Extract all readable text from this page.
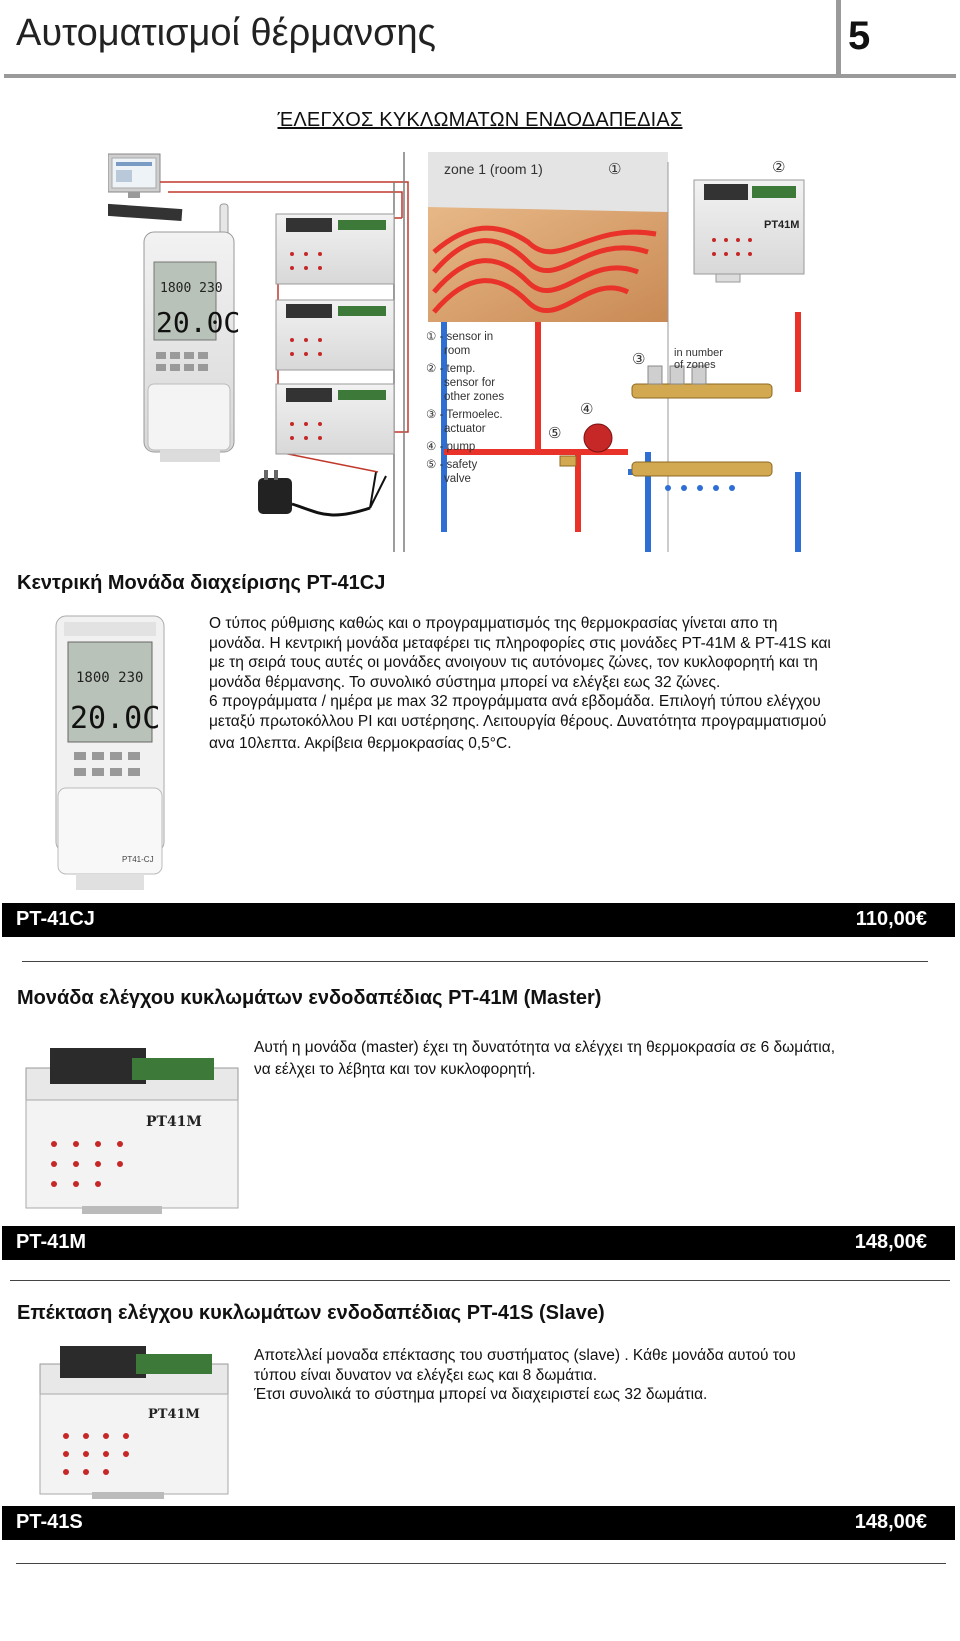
Αυτοματισμοί θέρμανσης	5
ΈΛΕΓΧΟΣ ΚΥΚΛΩΜΑΤΩΝ ΕΝΔΟΔΑΠΕΔΙΑΣ
1800 230
20.0C
zone 1 (room 1)	①
in number
of zones
③
④
⑤
PT41M
②
① - sensor in
room
② - temp.
sensor for
other zones
③ - Termoelec.
actuator
④ - pump
⑤ - safety
valve
Κεντρική Μονάδα διαχείρισης PT-41CJ
1800 230
20.0C
PT41-CJ

Ο τύπος ρύθμισης καθώς και ο προγραμματισμός της θερμοκρασίας γίνεται απο τη

μονάδα. Η κεντρική μονάδα μεταφέρει τις πληροφορίες στις μονάδες PT-41M & PT-41S και

με τη σειρά τους αυτές οι μονάδες ανοιγουν τις αυτόνομες ζώνες, τον κυκλοφορητή και τη

μονάδα θέρμανσης. Το συνολικό σύστημα μπορεί να ελέγξει εως 32 ζώνες.

6 προγράμματα / ημέρα με max 32 προγράμματα ανά εβδομάδα. Επιλογή τύπου ελέγχου

μεταξύ πρωτοκόλλου PI και υστέρησης. Λειτουργία θέρους. Δυνατότητα προγραμματισμού

ανα 10λεπτα. Ακρίβεια θερμοκρασίας 0,5°C.

PT-41CJ	110,00€
Μονάδα ελέγχου κυκλωμάτων ενδοδαπέδιας PT-41M (Master)
PT41M

Αυτή η μονάδα (master) έχει τη δυνατότητα να ελέγχει τη θερμοκρασία σε 6 δωμάτια,

να εέλχει το λέβητα και τον κυκλοφορητή.

PT-41M	148,00€
Επέκταση ελέγχου κυκλωμάτων ενδοδαπέδιας PT-41S (Slave)
PT41M

Αποτελλεί μοναδα επέκτασης του συστήματος (slave) . Κάθε μονάδα αυτού του

τύπου είναι δυνατον να ελέγξει εως και 8 δωμάτια.

Έτσι συνολικά το σύστημα μπορεί να διαχειριστεί εως 32 δωμάτια.

PT-41S	148,00€
